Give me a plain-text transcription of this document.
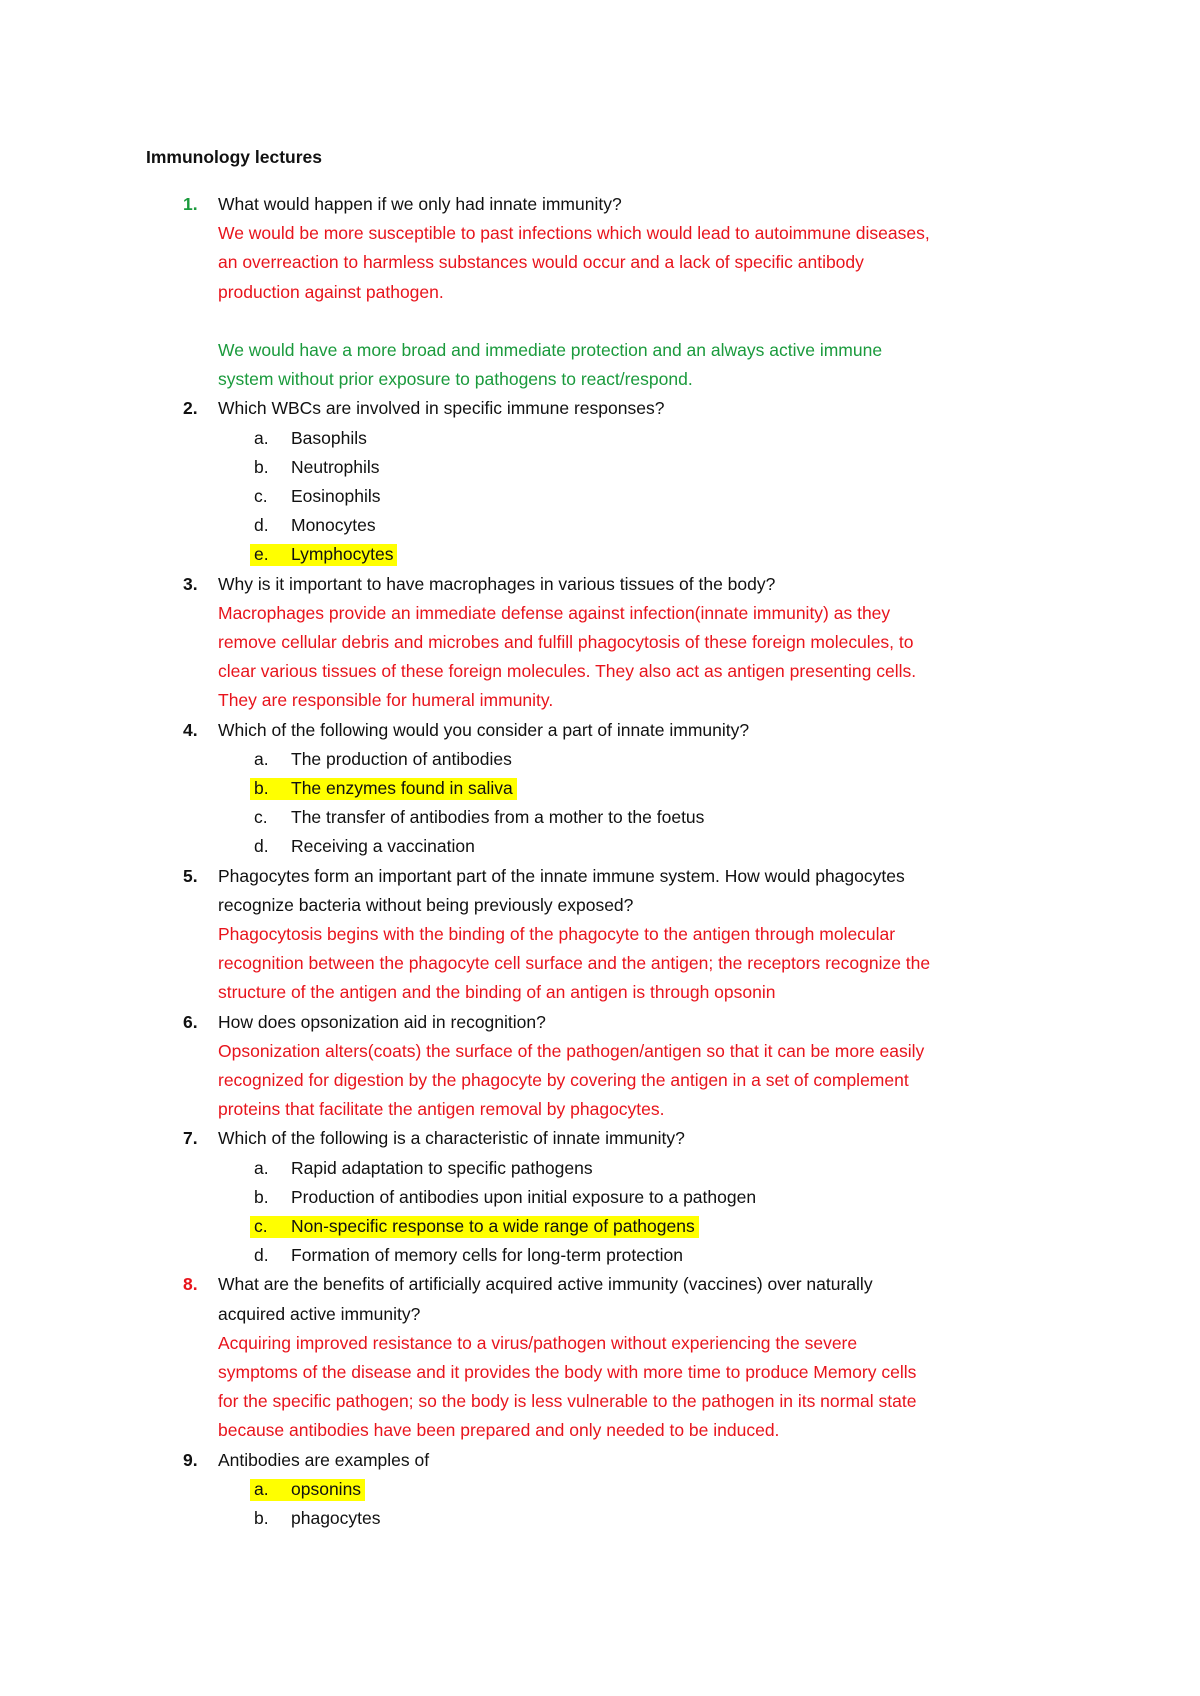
Immunology lectures
1.	What would happen if we only had innate immunity?
We would be more susceptible to past infections which would lead to autoimmune diseases,
an overreaction to harmless substances would occur and a lack of specific antibody
production against pathogen.
We would have a more broad and immediate protection and an always active immune
system without prior exposure to pathogens to react/respond.
2.	Which WBCs are involved in specific immune responses?
a. Basophils
b. Neutrophils
c. Eosinophils
d. Monocytes
e. Lymphocytes
3.	Why is it important to have macrophages in various tissues of the body?
Macrophages provide an immediate defense against infection(innate immunity) as they
remove cellular debris and microbes and fulfill phagocytosis of these foreign molecules, to
clear various tissues of these foreign molecules. They also act as antigen presenting cells.
They are responsible for humeral immunity.
4.	Which of the following would you consider a part of innate immunity?
a. The production of antibodies
b. The enzymes found in saliva
c. The transfer of antibodies from a mother to the foetus
d. Receiving a vaccination
5.	Phagocytes form an important part of the innate immune system. How would phagocytes
recognize bacteria without being previously exposed?
Phagocytosis begins with the binding of the phagocyte to the antigen through molecular
recognition between the phagocyte cell surface and the antigen; the receptors recognize the
structure of the antigen and the binding of an antigen is through opsonin
6.	How does opsonization aid in recognition?
Opsonization alters(coats) the surface of the pathogen/antigen so that it can be more easily
recognized for digestion by the phagocyte by covering the antigen in a set of complement
proteins that facilitate the antigen removal by phagocytes.
7.	Which of the following is a characteristic of innate immunity?
a. Rapid adaptation to specific pathogens
b. Production of antibodies upon initial exposure to a pathogen
c. Non-specific response to a wide range of pathogens
d. Formation of memory cells for long-term protection
8.	What are the benefits of artificially acquired active immunity (vaccines) over naturally
acquired active immunity?
Acquiring improved resistance to a virus/pathogen without experiencing the severe
symptoms of the disease and it provides the body with more time to produce Memory cells
for the specific pathogen; so the body is less vulnerable to the pathogen in its normal state
because antibodies have been prepared and only needed to be induced.
9.	Antibodies are examples of
a. opsonins
b. phagocytes
